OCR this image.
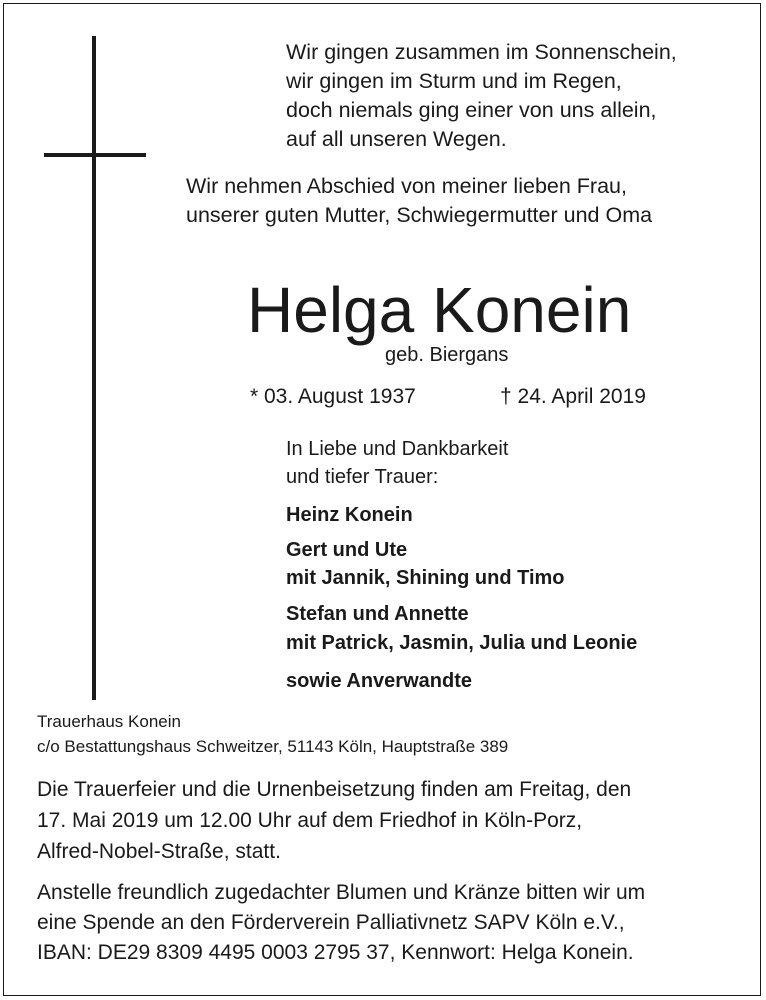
Wir gingen zusammen im Sonnenschein,
wir gingen im Sturm und im Regen,
doch niemals ging einer von uns allein,
auf all unseren Wegen.
Wir nehmen Abschied von meiner lieben Frau,
unserer guten Mutter, Schwiegermutter und Oma
Helga Konein
geb. Biergans
* 03. August 1937	† 24. April 2019
In Liebe und Dankbarkeit
und tiefer Trauer:
Heinz Konein
Gert und Ute
mit Jannik, Shining und Timo
Stefan und Annette
mit Patrick, Jasmin, Julia und Leonie
sowie Anverwandte
Trauerhaus Konein
c/o Bestattungshaus Schweitzer, 51143 Köln, Hauptstraße 389
Die Trauerfeier und die Urnenbeisetzung finden am Freitag, den
17. Mai 2019 um 12.00 Uhr auf dem Friedhof in Köln-Porz,
Alfred-Nobel-Straße, statt.
Anstelle freundlich zugedachter Blumen und Kränze bitten wir um
eine Spende an den Förderverein Palliativnetz SAPV Köln e.V.,
IBAN: DE29 8309 4495 0003 2795 37, Kennwort: Helga Konein.
